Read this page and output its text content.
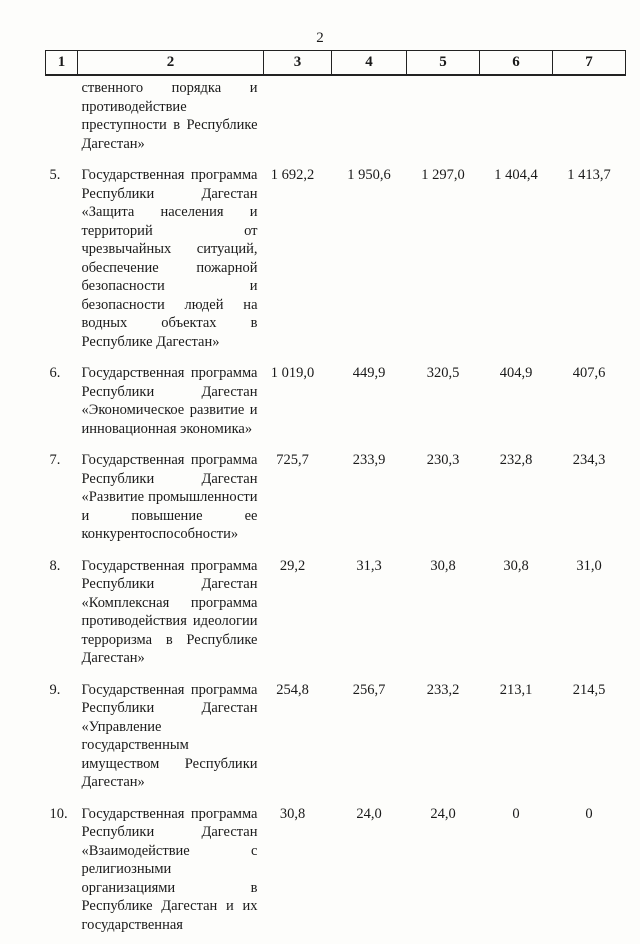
2
1	2	3	4	5	6	7
	ственного порядка и противодействие преступности в Республике Дагестан»					
5.	Государственная программа Республики Дагестан «Защита населения и территорий от чрезвычайных ситуаций, обеспечение пожарной безопасности и безопасности людей на водных объектах в Республике Дагестан»	1 692,2	1 950,6	1 297,0	1 404,4	1 413,7
6.	Государственная программа Республики Дагестан «Экономическое развитие и инновационная экономика»	1 019,0	449,9	320,5	404,9	407,6
7.	Государственная программа Республики Дагестан «Развитие промышленности и повышение ее конкурентоспособности»	725,7	233,9	230,3	232,8	234,3
8.	Государственная программа Республики Дагестан «Комплексная программа противодействия идеологии терроризма в Республике Дагестан»	29,2	31,3	30,8	30,8	31,0
9.	Государственная программа Республики Дагестан «Управление государственным имуществом Республики Дагестан»	254,8	256,7	233,2	213,1	214,5
10.	Государственная программа Республики Дагестан «Взаимодействие с религиозными организациями в Республике Дагестан и их государственная	30,8	24,0	24,0	0	0
